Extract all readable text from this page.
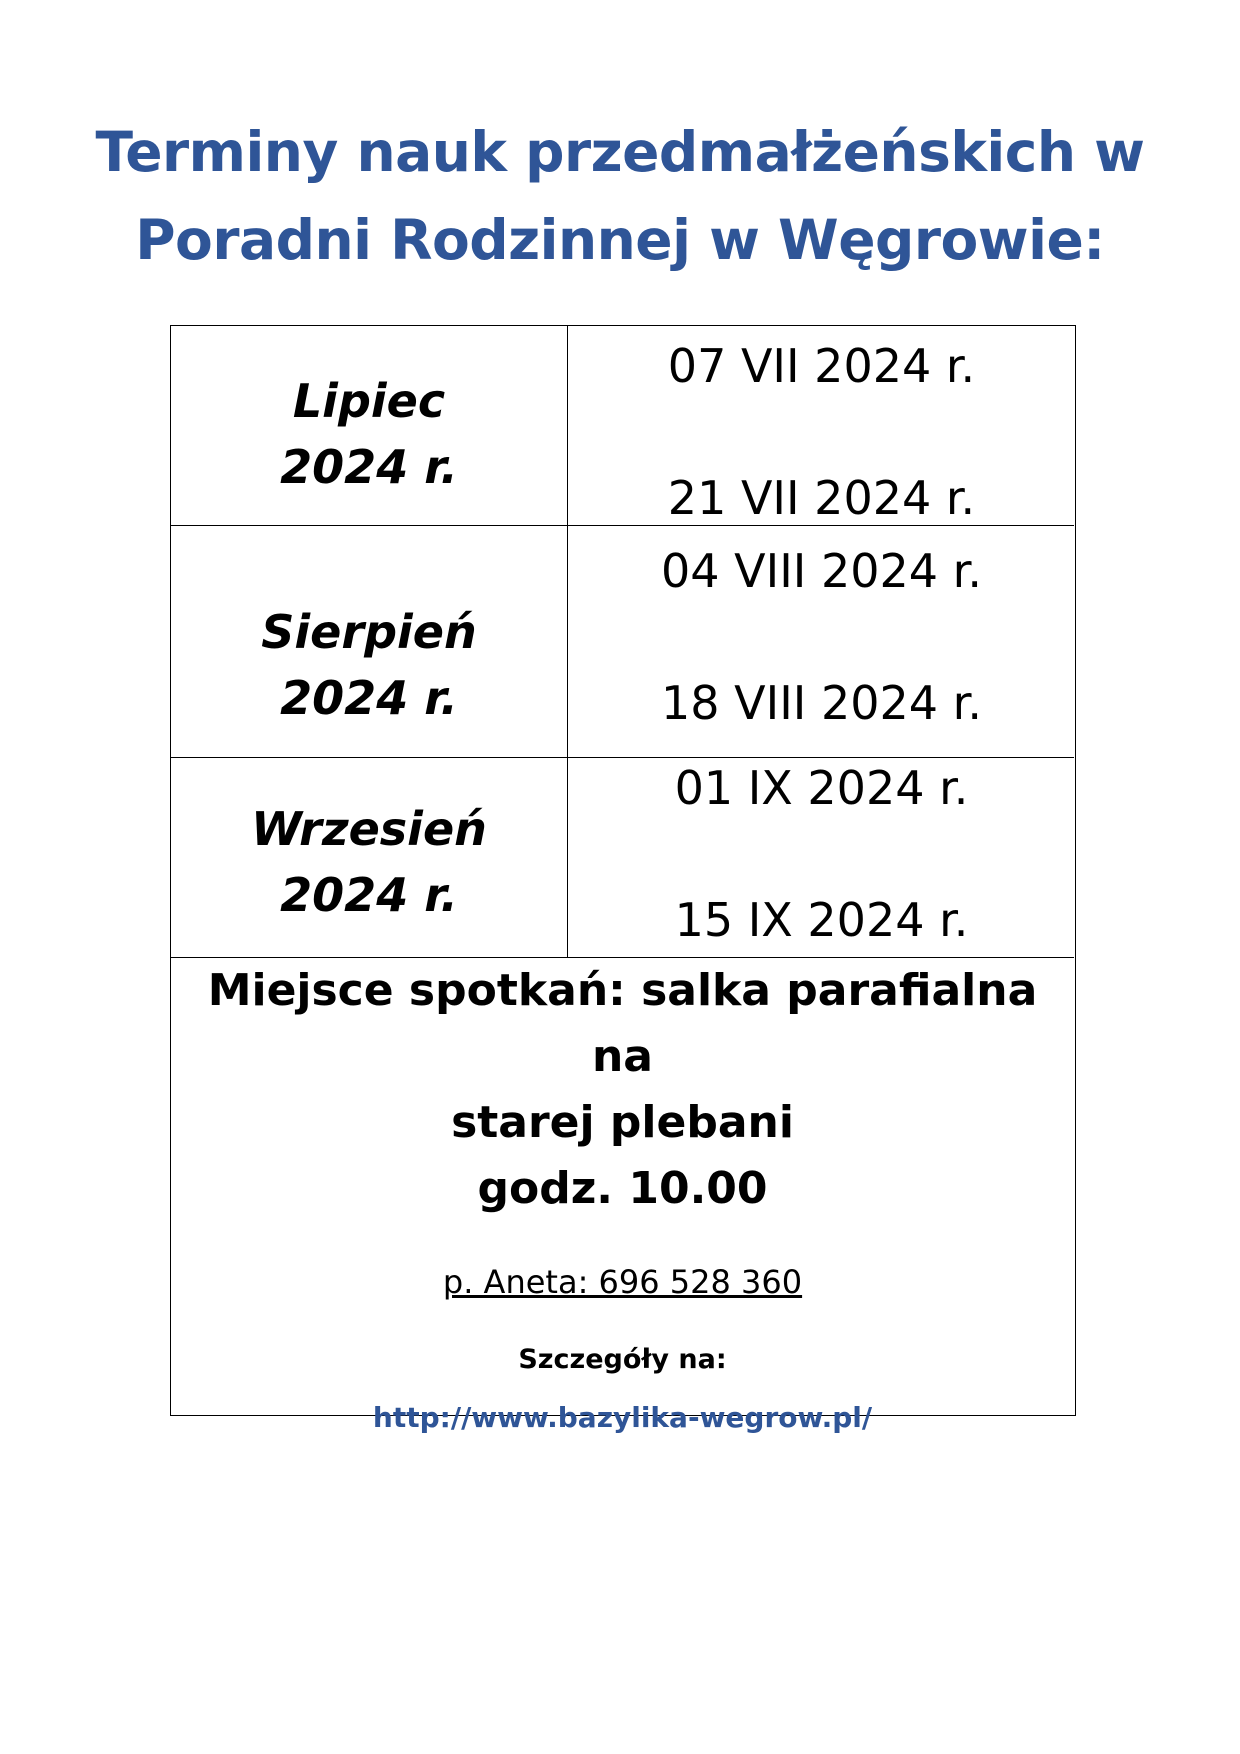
Terminy nauk przedmałżeńskich w
Poradni Rodzinnej w Węgrowie:
Lipiec
2024 r.
07 VII 2024 r.
21 VII 2024 r.
Sierpień
2024 r.
04 VIII 2024 r.
18 VIII 2024 r.
Wrzesień
2024 r.
01 IX 2024 r.
15 IX 2024 r.
Miejsce spotkań: salka parafialna na
starej plebani
godz. 10.00
p. Aneta: 696 528 360
Szczegóły na:
http://www.bazylika-wegrow.pl/
